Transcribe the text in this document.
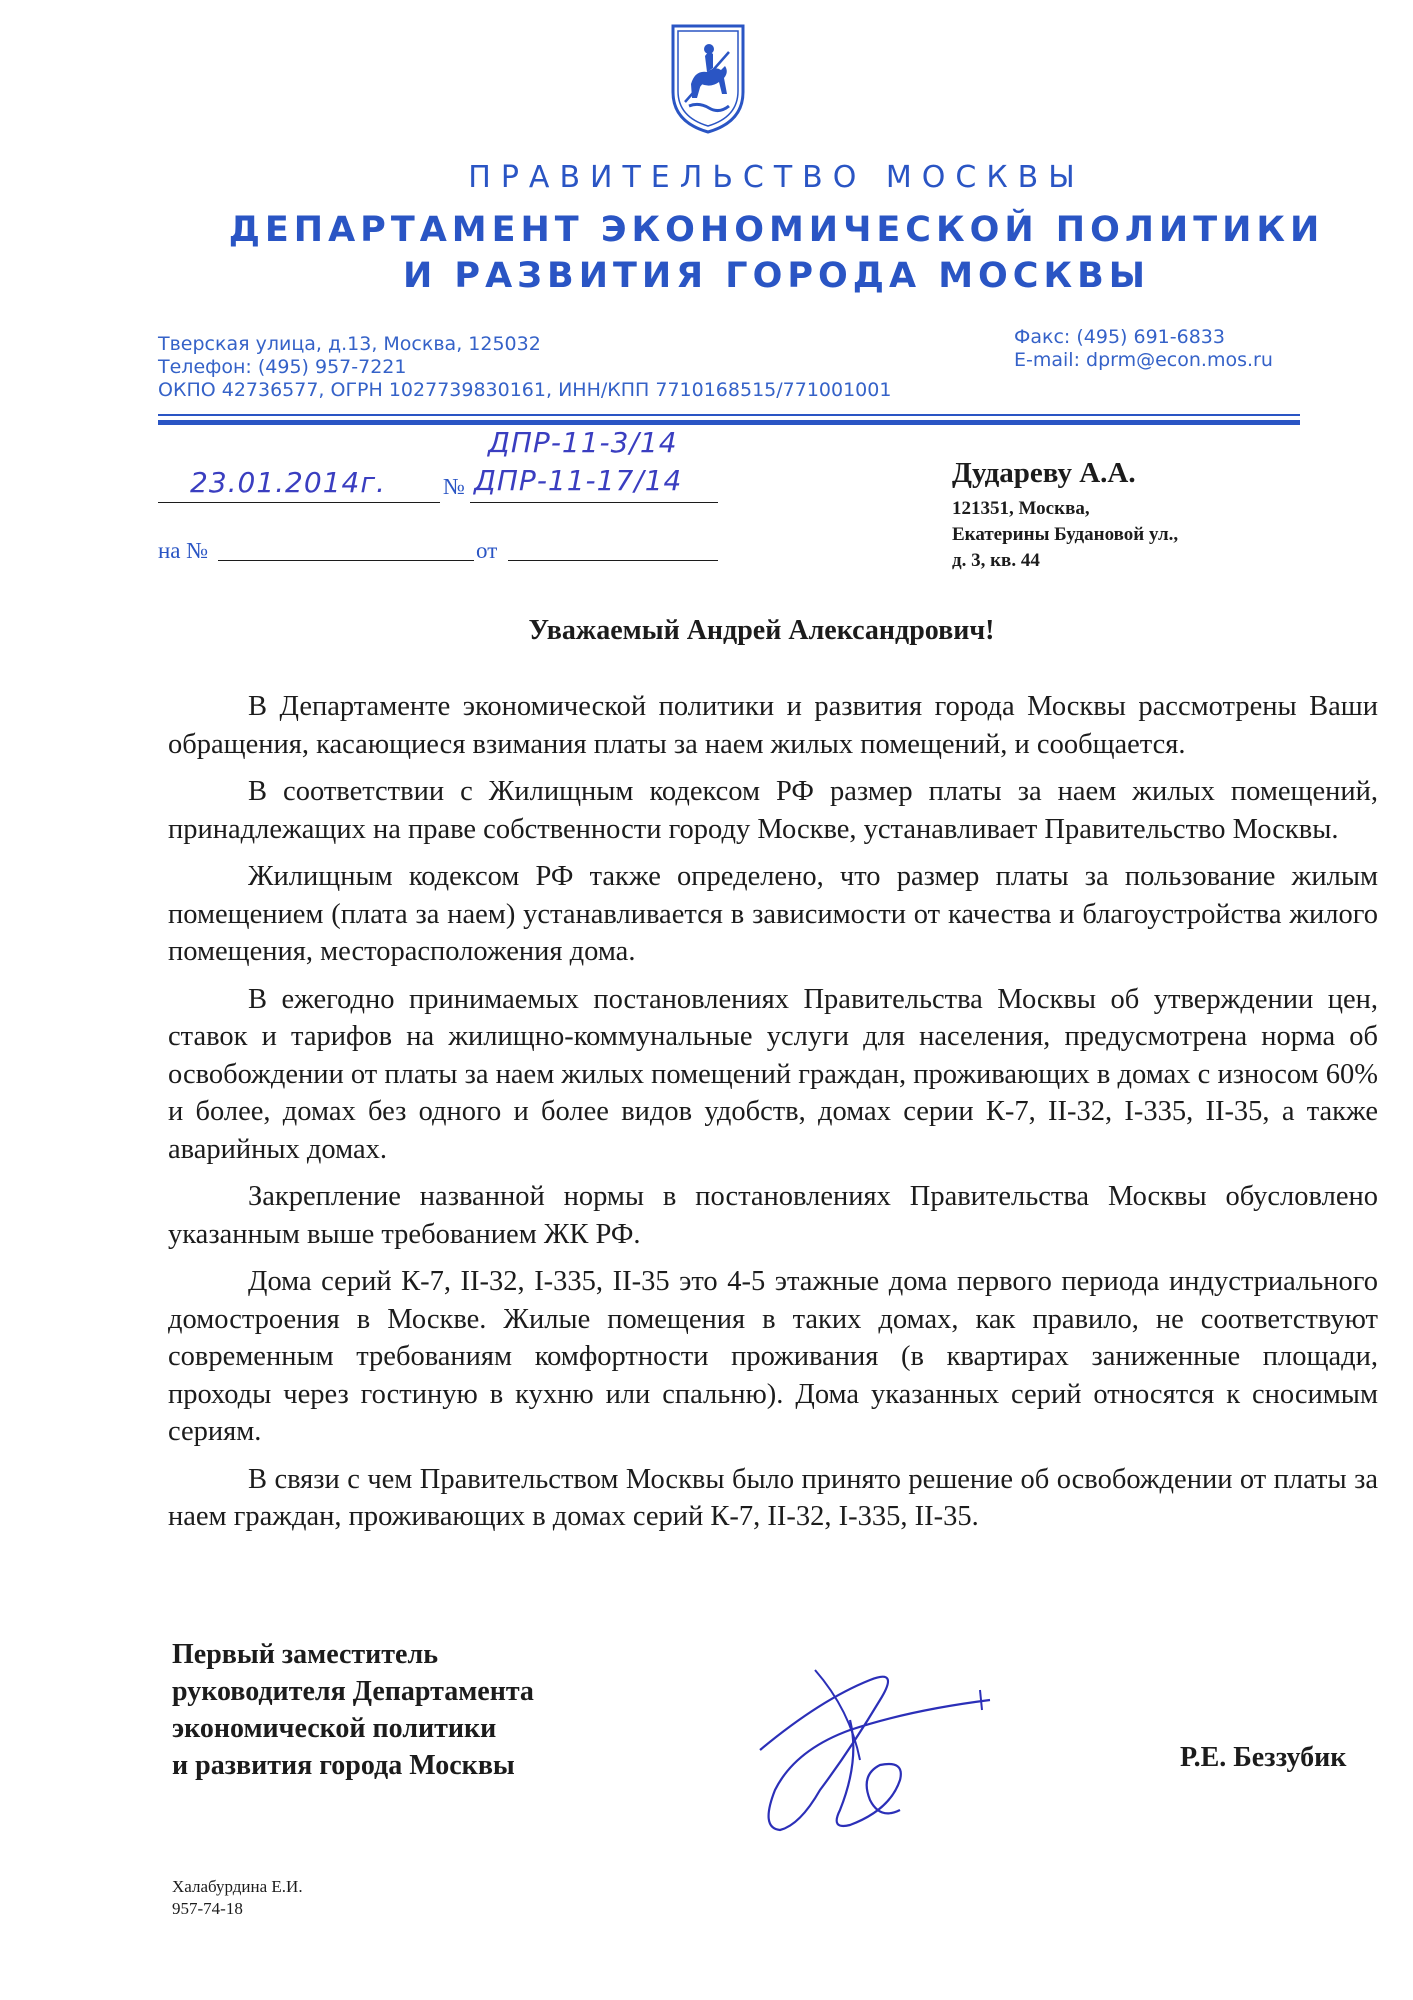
ПРАВИТЕЛЬСТВО МОСКВЫ
ДЕПАРТАМЕНТ ЭКОНОМИЧЕСКОЙ ПОЛИТИКИ
И РАЗВИТИЯ ГОРОДА МОСКВЫ
Тверская улица, д.13, Москва, 125032
Телефон: (495) 957-7221
ОКПО 42736577, ОГРН 1027739830161, ИНН/КПП 7710168515/771001001
Факс: (495) 691-6833
E-mail: dprm@econ.mos.ru
23.01.2014г. №
ДПР-11-3/14
ДПР-11-17/14
на №	от
Дудареву А.А.
121351, Москва,
Екатерины Будановой ул.,
д. 3, кв. 44
Уважаемый Андрей Александрович!

В Департаменте экономической политики и развития города Москвы рассмотрены Ваши обращения, касающиеся взимания платы за наем жилых помещений, и сообщается.

В соответствии с Жилищным кодексом РФ размер платы за наем жилых помещений, принадлежащих на праве собственности городу Москве, устанавливает Правительство Москвы.

Жилищным кодексом РФ также определено, что размер платы за пользование жилым помещением (плата за наем) устанавливается в зависимости от качества и благоустройства жилого помещения, месторасположения дома.

В ежегодно принимаемых постановлениях Правительства Москвы об утверждении цен, ставок и тарифов на жилищно-коммунальные услуги для населения, предусмотрена норма об освобождении от платы за наем жилых помещений граждан, проживающих в домах с износом 60% и более, домах без одного и более видов удобств, домах серии К-7, II-32, I-335, II-35, а также аварийных домах.

Закрепление названной нормы в постановлениях Правительства Москвы обусловлено указанным выше требованием ЖК РФ.

Дома серий К-7, II-32, I-335, II-35 это 4-5 этажные дома первого периода индустриального домостроения в Москве. Жилые помещения в таких домах, как правило, не соответствуют современным требованиям комфортности проживания (в квартирах заниженные площади, проходы через гостиную в кухню или спальню). Дома указанных серий относятся к сносимым сериям.

В связи с чем Правительством Москвы было принято решение об освобождении от платы за наем граждан, проживающих в домах серий К-7, II-32, I-335, II-35.

Первый заместитель
руководителя Департамента
экономической политики
и развития города Москвы	Р.Е. Беззубик
Халабурдина Е.И.
957-74-18
